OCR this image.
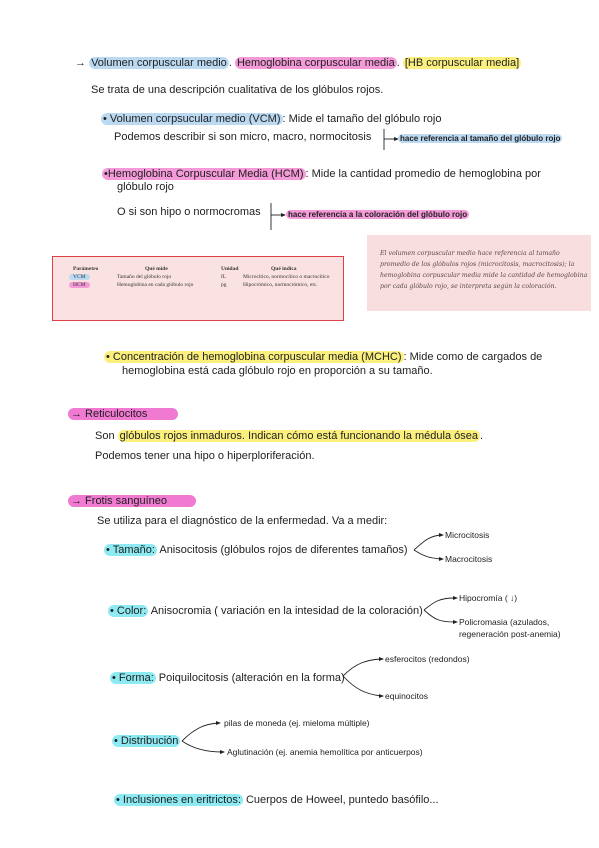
→ Volumen corpuscular medio . Hemoglobina corpuscular media . [HB corpuscular media]
Se trata de una descripción cualitativa de los glóbulos rojos.
• Volumen corpsucular medio (VCM) : Mide el tamaño del glóbulo rojo
Podemos describir si son micro, macro, normocitosis	hace referencia al tamaño del glóbulo rojo
•Hemoglobina Corpuscular Media (HCM) : Mide la cantidad promedio de hemoglobina por
glóbulo rojo
O si son hipo o normocromas	hace referencia a la coloración del glóbulo rojo
Parámetro	Qué mide	Unidad	Qué indica
VCM	Tamaño del glóbulo rojo	fL	Microcítico, normocítico o macrocítico
HCM	Hemoglobina en cada glóbulo rojo	pg	Hipocrómico, normocrómico, etc.
El volumen corpuscular medio hace referencia al tamaño promedio de los glóbulos rojos (microcitosis, macrocitosis); la hemoglobina corpuscular media mide la cantidad de hemoglobina por cada glóbulo rojo, se interpreta según la coloración.
• Concentración de hemoglobina corpuscular media (MCHC) : Mide como de cargados de
hemoglobina está cada glóbulo rojo en proporción a su tamaño.
→ Reticulocitos
Son glóbulos rojos inmaduros. Indican cómo está funcionando la médula ósea .
Podemos tener una hipo o hiperploriferación.
→ Frotis sanguíneo
Se utiliza para el diagnóstico de la enfermedad. Va a medir:
• Tamaño: Anisocitosis (glóbulos rojos de diferentes tamaños)
Microcitosis
Macrocitosis
• Color: Anisocromia ( variación en la intesidad de la coloración)
Hipocromía ( ↓)
Policromasia (azulados,
regeneración post-anemia)
• Forma: Poiquilocitosis (alteración en la forma)
esferocitos (redondos)
equinocitos
• Distribución
pilas de moneda (ej. mieloma múltiple)
Aglutinación (ej. anemia hemolítica por anticuerpos)
• Inclusiones en eritrictos: Cuerpos de Howeel, puntedo basófilo...
